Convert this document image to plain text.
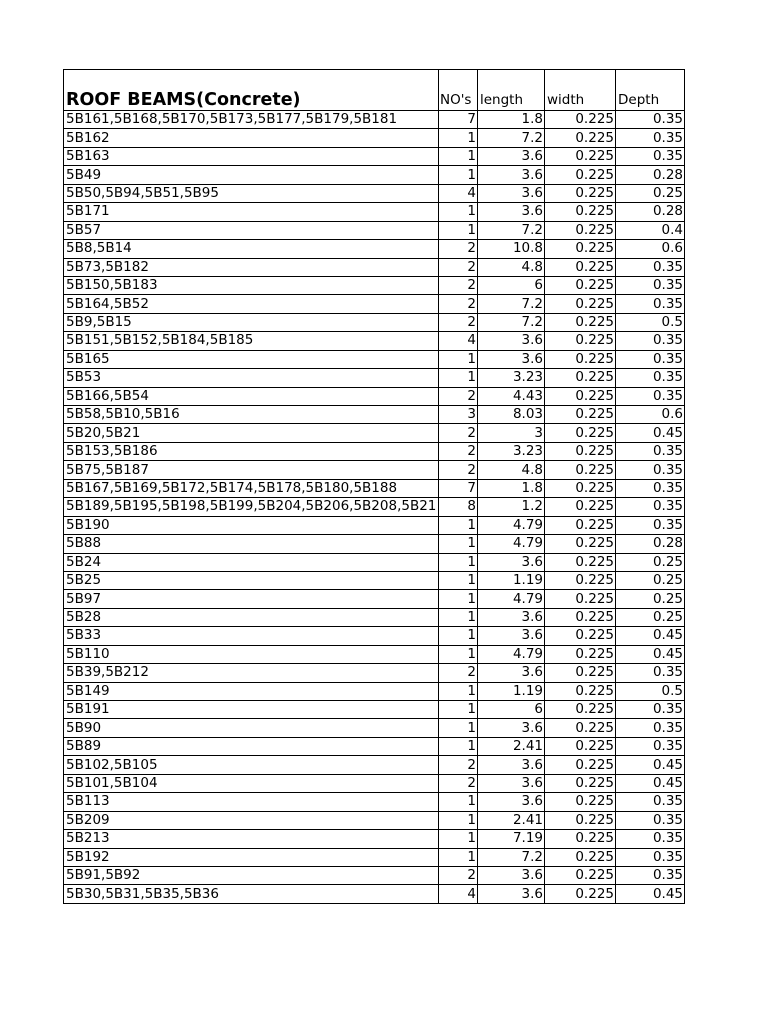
ROOF BEAMS(Concrete)	NO's	length	width	Depth
5B161,5B168,5B170,5B173,5B177,5B179,5B181	7	1.8	0.225	0.35
5B162	1	7.2	0.225	0.35
5B163	1	3.6	0.225	0.35
5B49	1	3.6	0.225	0.28
5B50,5B94,5B51,5B95	4	3.6	0.225	0.25
5B171	1	3.6	0.225	0.28
5B57	1	7.2	0.225	0.4
5B8,5B14	2	10.8	0.225	0.6
5B73,5B182	2	4.8	0.225	0.35
5B150,5B183	2	6	0.225	0.35
5B164,5B52	2	7.2	0.225	0.35
5B9,5B15	2	7.2	0.225	0.5
5B151,5B152,5B184,5B185	4	3.6	0.225	0.35
5B165	1	3.6	0.225	0.35
5B53	1	3.23	0.225	0.35
5B166,5B54	2	4.43	0.225	0.35
5B58,5B10,5B16	3	8.03	0.225	0.6
5B20,5B21	2	3	0.225	0.45
5B153,5B186	2	3.23	0.225	0.35
5B75,5B187	2	4.8	0.225	0.35
5B167,5B169,5B172,5B174,5B178,5B180,5B188	7	1.8	0.225	0.35
5B189,5B195,5B198,5B199,5B204,5B206,5B208,5B21	8	1.2	0.225	0.35
5B190	1	4.79	0.225	0.35
5B88	1	4.79	0.225	0.28
5B24	1	3.6	0.225	0.25
5B25	1	1.19	0.225	0.25
5B97	1	4.79	0.225	0.25
5B28	1	3.6	0.225	0.25
5B33	1	3.6	0.225	0.45
5B110	1	4.79	0.225	0.45
5B39,5B212	2	3.6	0.225	0.35
5B149	1	1.19	0.225	0.5
5B191	1	6	0.225	0.35
5B90	1	3.6	0.225	0.35
5B89	1	2.41	0.225	0.35
5B102,5B105	2	3.6	0.225	0.45
5B101,5B104	2	3.6	0.225	0.45
5B113	1	3.6	0.225	0.35
5B209	1	2.41	0.225	0.35
5B213	1	7.19	0.225	0.35
5B192	1	7.2	0.225	0.35
5B91,5B92	2	3.6	0.225	0.35
5B30,5B31,5B35,5B36	4	3.6	0.225	0.45
